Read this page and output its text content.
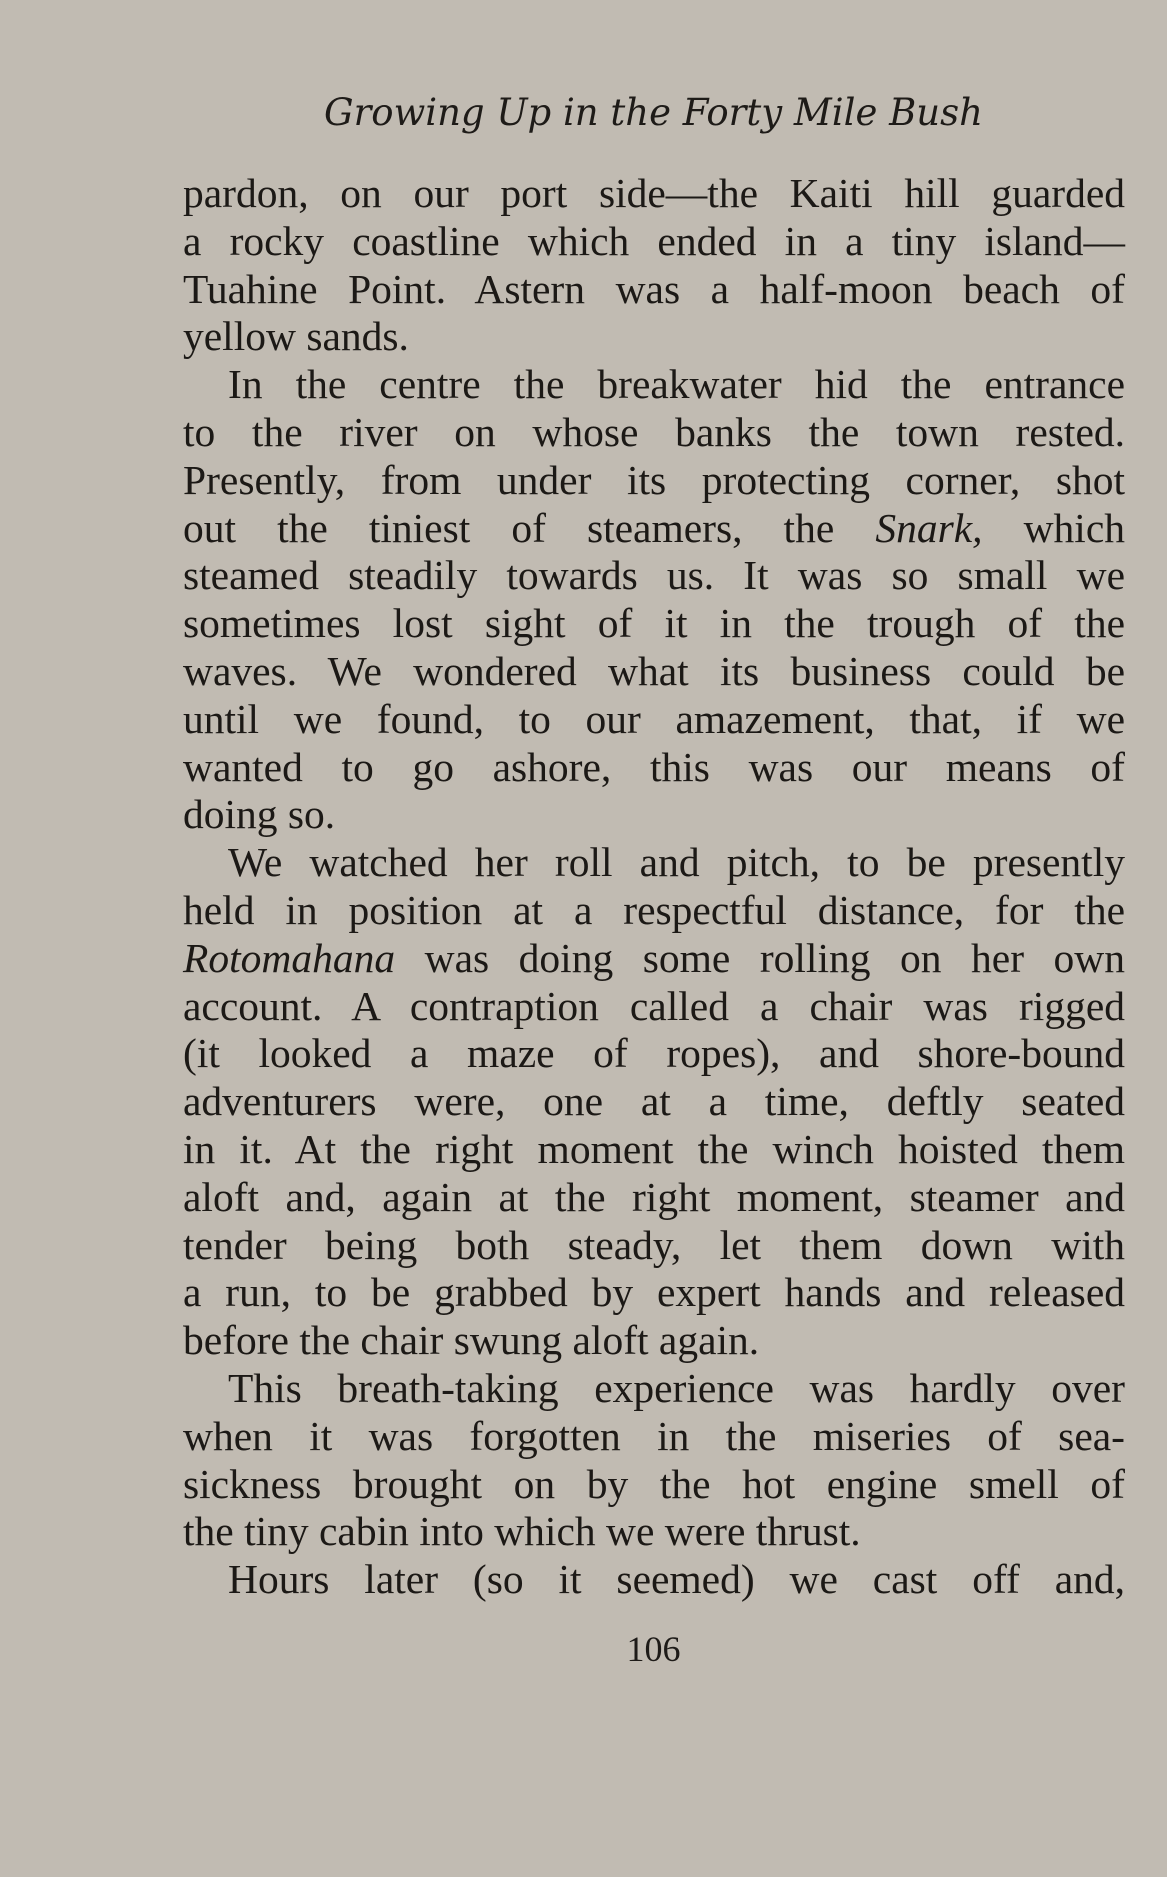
Growing Up in the Forty Mile Bush
pardon, on our port side—the Kaiti hill guarded
a rocky coastline which ended in a tiny island—
Tuahine Point. Astern was a half-moon beach of
yellow sands.
In the centre the breakwater hid the entrance
to the river on whose banks the town rested.
Presently, from under its protecting corner, shot
out the tiniest of steamers, the Snark, which
steamed steadily towards us. It was so small we
sometimes lost sight of it in the trough of the
waves. We wondered what its business could be
until we found, to our amazement, that, if we
wanted to go ashore, this was our means of
doing so.
We watched her roll and pitch, to be presently
held in position at a respectful distance, for the
Rotomahana was doing some rolling on her own
account. A contraption called a chair was rigged
(it looked a maze of ropes), and shore-bound
adventurers were, one at a time, deftly seated
in it. At the right moment the winch hoisted them
aloft and, again at the right moment, steamer and
tender being both steady, let them down with
a run, to be grabbed by expert hands and released
before the chair swung aloft again.
This breath-taking experience was hardly over
when it was forgotten in the miseries of sea-
sickness brought on by the hot engine smell of
the tiny cabin into which we were thrust.
Hours later (so it seemed) we cast off and,
106
